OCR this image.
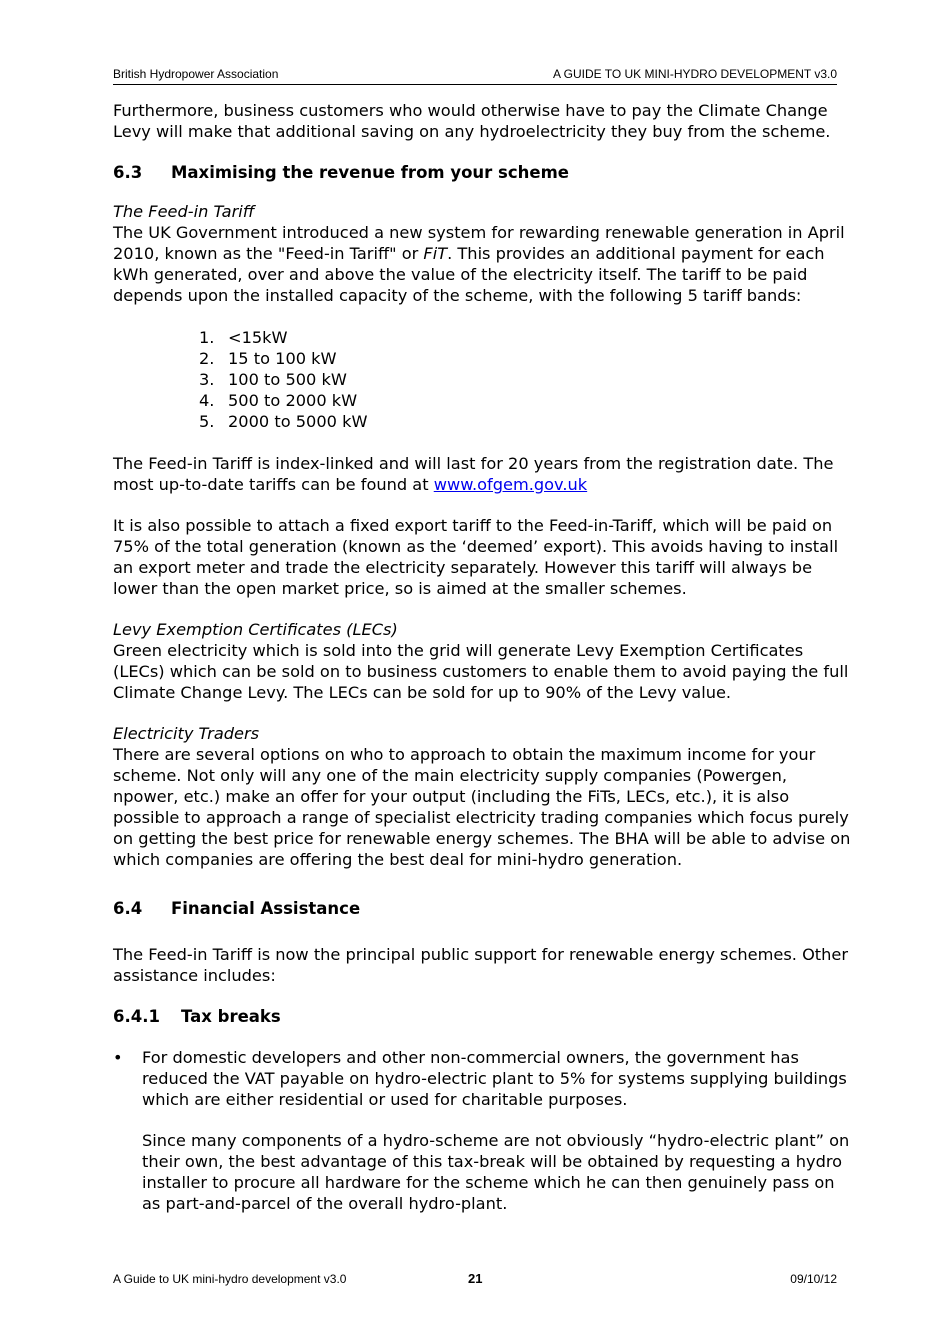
British Hydropower Association	A GUIDE TO UK MINI-HYDRO DEVELOPMENT v3.0

Furthermore, business customers who would otherwise have to pay the Climate Change Levy will make that additional saving on any hydroelectricity they buy from the scheme.

6.3 Maximising the revenue from your scheme

The Feed-in Tariff

The UK Government introduced a new system for rewarding renewable generation in April 2010, known as the "Feed-in Tariff" or FiT. This provides an additional payment for each kWh generated, over and above the value of the electricity itself. The tariff to be paid depends upon the installed capacity of the scheme, with the following 5 tariff bands:

1. <15kW
2. 15 to 100 kW
3. 100 to 500 kW
4. 500 to 2000 kW
5. 2000 to 5000 kW

The Feed-in Tariff is index-linked and will last for 20 years from the registration date. The most up-to-date tariffs can be found at www.ofgem.gov.uk

It is also possible to attach a fixed export tariff to the Feed-in-Tariff, which will be paid on 75% of the total generation (known as the ‘deemed’ export). This avoids having to install an export meter and trade the electricity separately. However this tariff will always be lower than the open market price, so is aimed at the smaller schemes.

Levy Exemption Certificates (LECs)

Green electricity which is sold into the grid will generate Levy Exemption Certificates (LECs) which can be sold on to business customers to enable them to avoid paying the full Climate Change Levy. The LECs can be sold for up to 90% of the Levy value.

Electricity Traders

There are several options on who to approach to obtain the maximum income for your scheme. Not only will any one of the main electricity supply companies (Powergen, npower, etc.) make an offer for your output (including the FiTs, LECs, etc.), it is also possible to approach a range of specialist electricity trading companies which focus purely on getting the best price for renewable energy schemes. The BHA will be able to advise on which companies are offering the best deal for mini-hydro generation.

6.4 Financial Assistance

The Feed-in Tariff is now the principal public support for renewable energy schemes. Other assistance includes:

6.4.1 Tax breaks
• For domestic developers and other non-commercial owners, the government has reduced the VAT payable on hydro-electric plant to 5% for systems supplying buildings which are either residential or used for charitable purposes.

Since many components of a hydro-scheme are not obviously “hydro-electric plant” on their own, the best advantage of this tax-break will be obtained by requesting a hydro installer to procure all hardware for the scheme which he can then genuinely pass on as part-and-parcel of the overall hydro-plant.

A Guide to UK mini-hydro development v3.0	21	09/10/12
